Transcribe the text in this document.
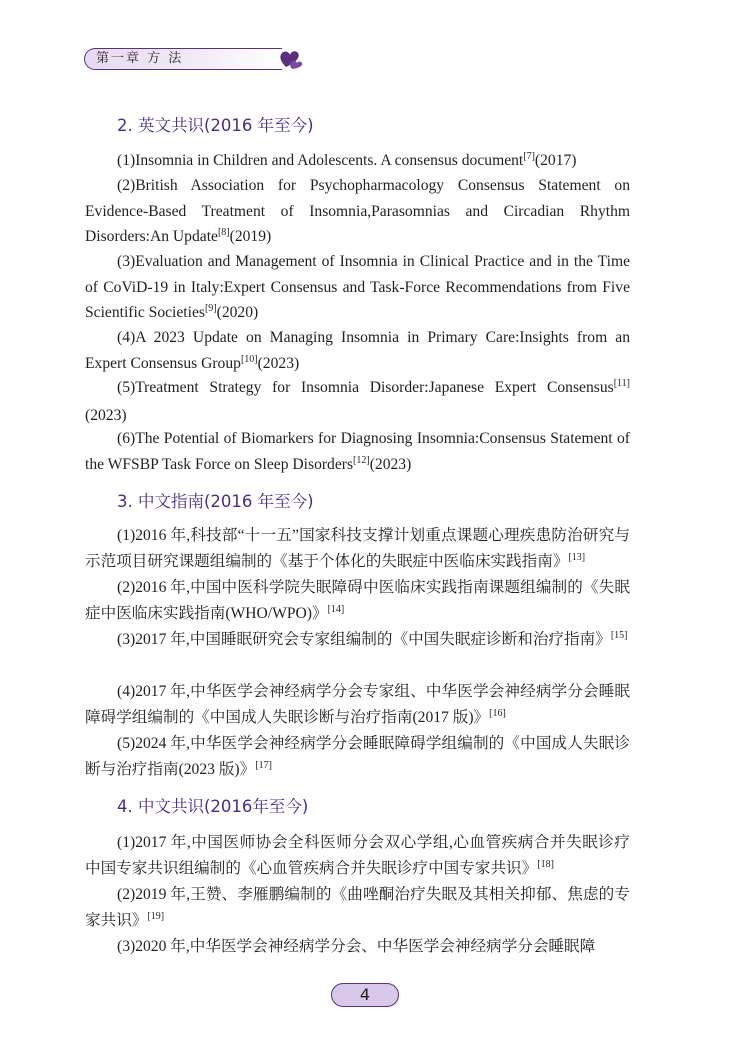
第一章 方 法
2. 英文共识(2016 年至今)
(1)Insomnia in Children and Adolescents. A consensus document[7](2017)
(2)British Association for Psychopharmacology Consensus Statement on Evidence-Based Treatment of Insomnia,Parasomnias and Circadian Rhythm Disorders:An Update[8](2019)
(3)Evaluation and Management of Insomnia in Clinical Practice and in the Time of CoViD-19 in Italy:Expert Consensus and Task-Force Recommendations from Five Scientific Societies[9](2020)
(4)A 2023 Update on Managing Insomnia in Primary Care:Insights from an Expert Consensus Group[10](2023)
(5)Treatment Strategy for Insomnia Disorder:Japanese Expert Consensus[11](2023)
(6)The Potential of Biomarkers for Diagnosing Insomnia:Consensus Statement of the WFSBP Task Force on Sleep Disorders[12](2023)
3. 中文指南(2016 年至今)
(1)2016 年,科技部“十一五”国家科技支撑计划重点课题心理疾患防治研究与示范项目研究课题组编制的《基于个体化的失眠症中医临床实践指南》[13]
(2)2016 年,中国中医科学院失眠障碍中医临床实践指南课题组编制的《失眠症中医临床实践指南(WHO/WPO)》[14]
(3)2017 年,中国睡眠研究会专家组编制的《中国失眠症诊断和治疗指南》[15]
(4)2017 年,中华医学会神经病学分会专家组、中华医学会神经病学分会睡眠障碍学组编制的《中国成人失眠诊断与治疗指南(2017 版)》[16]
(5)2024 年,中华医学会神经病学分会睡眠障碍学组编制的《中国成人失眠诊断与治疗指南(2023 版)》[17]
4. 中文共识(2016年至今)
(1)2017 年,中国医师协会全科医师分会双心学组,心血管疾病合并失眠诊疗中国专家共识组编制的《心血管疾病合并失眠诊疗中国专家共识》[18]
(2)2019 年,王赞、李雁鹏编制的《曲唑酮治疗失眠及其相关抑郁、焦虑的专家共识》[19]
(3)2020 年,中华医学会神经病学分会、中华医学会神经病学分会睡眠障
4
